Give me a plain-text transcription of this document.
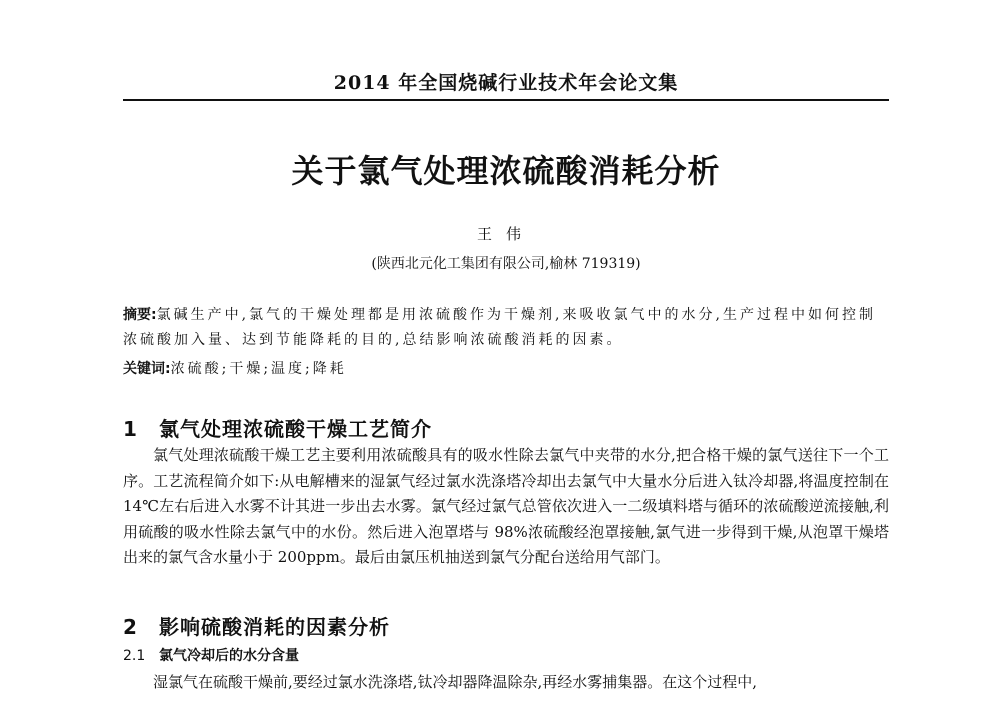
2014 年全国烧碱行业技术年会论文集
关于氯气处理浓硫酸消耗分析
王伟
(陕西北元化工集团有限公司,榆林 719319)
摘要:氯碱生产中,氯气的干燥处理都是用浓硫酸作为干燥剂,来吸收氯气中的水分,生产过程中如何控制浓硫酸加入量、达到节能降耗的目的,总结影响浓硫酸消耗的因素。
关键词:浓硫酸;干燥;温度;降耗
1 氯气处理浓硫酸干燥工艺简介
氯气处理浓硫酸干燥工艺主要利用浓硫酸具有的吸水性除去氯气中夹带的水分,把合格干燥的氯气送往下一个工序。工艺流程简介如下:从电解槽来的湿氯气经过氯水洗涤塔冷却出去氯气中大量水分后进入钛冷却器,将温度控制在 14℃左右后进入水雾不计其进一步出去水雾。氯气经过氯气总管依次进入一二级填料塔与循环的浓硫酸逆流接触,利用硫酸的吸水性除去氯气中的水份。然后进入泡罩塔与 98%浓硫酸经泡罩接触,氯气进一步得到干燥,从泡罩干燥塔出来的氯气含水量小于 200ppm。最后由氯压机抽送到氯气分配台送给用气部门。
2 影响硫酸消耗的因素分析
2.1 氯气冷却后的水分含量
湿氯气在硫酸干燥前,要经过氯水洗涤塔,钛冷却器降温除杂,再经水雾捕集器。在这个过程中,
